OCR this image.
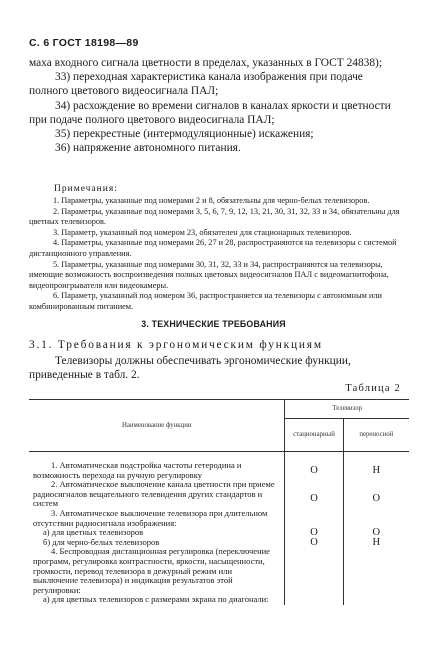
С. 6 ГОСТ 18198—89

маха входного сигнала цветности в пределах, указанных в ГОСТ 24838);

33) переходная характеристика канала изображения при подаче полного цветового видеосигнала ПАЛ;

34) расхождение во времени сигналов в каналах яркости и цветности при подаче полного цветового видеосигнала ПАЛ;

35) перекрестные (интермодуляционные) искажения;

36) напряжение автономного питания.

Примечания:

1. Параметры, указанные под номерами 2 и 8, обязательны для черно-белых телевизоров.

2. Параметры, указанные под номерами 3, 5, 6, 7, 9, 12, 13, 21, 30, 31, 32, 33 и 34, обязательны для цветных телевизоров.

3. Параметр, указанный под номером 23, обязателен для стационарных телевизоров.

4. Параметры, указанные под номерами 26, 27 и 28, распространяются на телевизоры с системой дистанционного управления.

5. Параметры, указанные под номерами 30, 31, 32, 33 и 34, распространяются на телевизоры, имеющие возможность воспроизведения полных цветовых видеосигналов ПАЛ с видеомагнитофона, видеопроигрывателя или видеокамеры.

6. Параметр, указанный под номером 36, распространяется на телевизоры с автономным или комбинированным питанием.

3. ТЕХНИЧЕСКИЕ ТРЕБОВАНИЯ
3.1. Требования к эргономическим функциям

Телевизоры должны обеспечивать эргономические функции, приведенные в табл. 2.

Таблица 2
Наименование функции	Телевизор	
	стационарный	переносной
1. Автоматическая подстройка частоты гетеродина и возможность перехода на ручную регулировку	О	Н
2. Автоматическое выключение канала цветности при приеме радиосигналов вещательного телевидения других стандартов и систем	О	О
3. Автоматическое выключение телевизора при длительном отсутствии радиосигнала изображения:		
а) для цветных телевизоров	О	О
б) для черно-белых телевизоров	О	Н
4. Беспроводная дистанционная регулировка (переключение программ, регулировка контрастности, яркости, насыщенности, громкости, перевод телевизора в дежурный режим или выключение телевизора) и индикация результатов этой регулировки:		
а) для цветных телевизоров с размерами экрана по диагонали:		
